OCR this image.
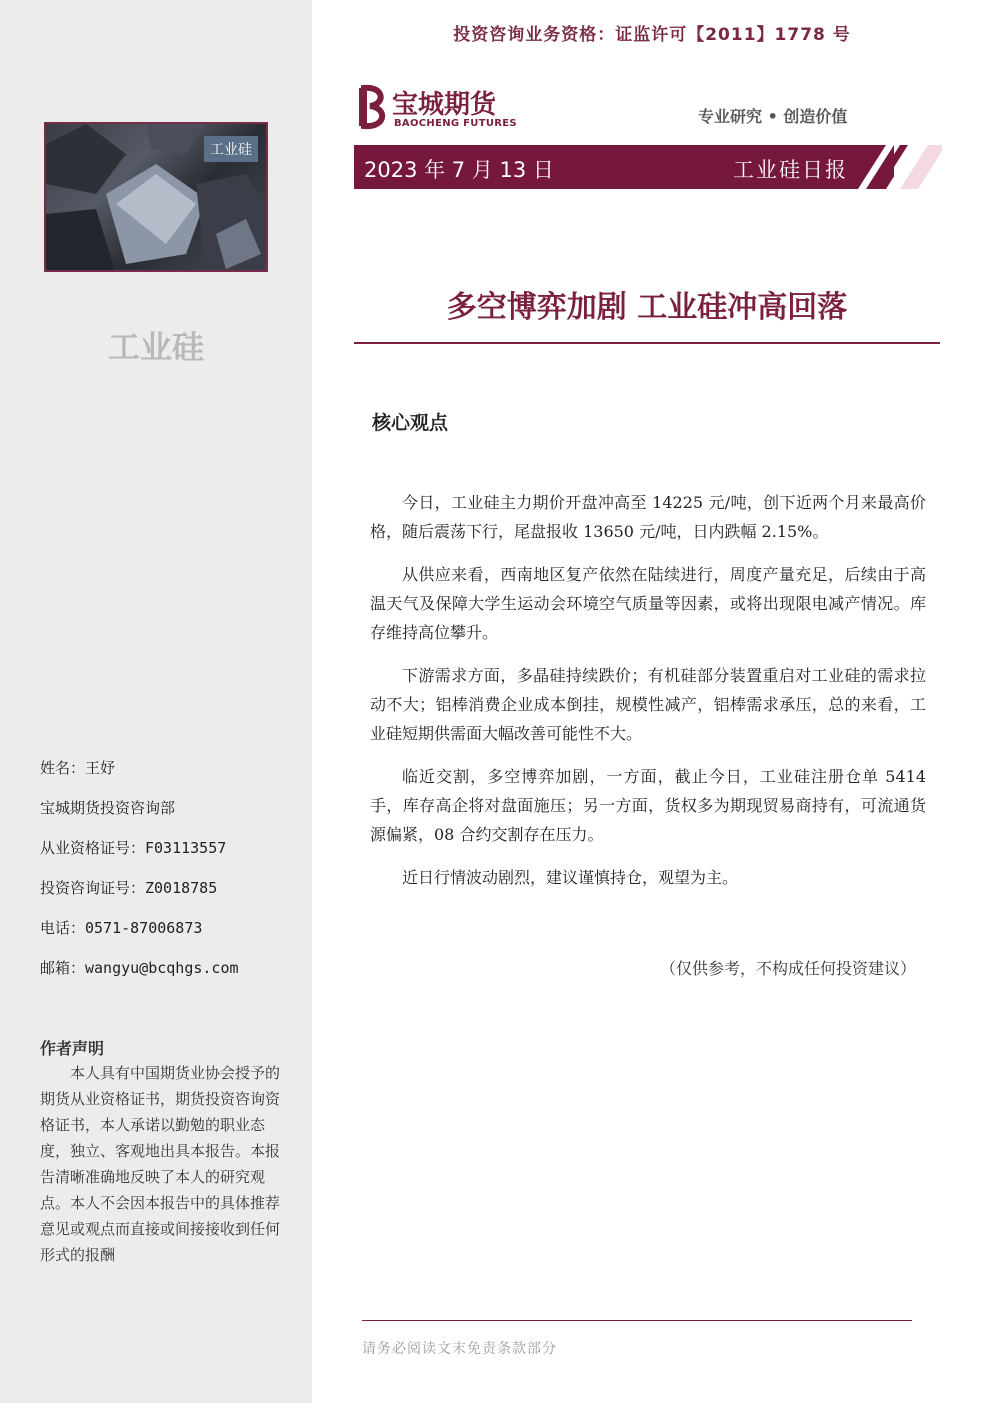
工业硅
工业硅
姓名：王妤
宝城期货投资咨询部
从业资格证号：F03113557
投资咨询证号：Z0018785
电话：0571-87006873
邮箱：wangyu@bcqhgs.com
作者声明
本人具有中国期货业协会授予的期货从业资格证书，期货投资咨询资格证书，本人承诺以勤勉的职业态度，独立、客观地出具本报告。本报告清晰准确地反映了本人的研究观点。本人不会因本报告中的具体推荐意见或观点而直接或间接接收到任何形式的报酬
投资咨询业务资格：证监许可【2011】1778 号
宝城期货
BAOCHENG FUTURES	专业研究 • 创造价值
2023 年 7 月 13 日	工业硅日报
多空博弈加剧 工业硅冲高回落
核心观点

今日，工业硅主力期价开盘冲高至 14225 元/吨，创下近两个月来最高价格，随后震荡下行，尾盘报收 13650 元/吨，日内跌幅 2.15%。

从供应来看，西南地区复产依然在陆续进行，周度产量充足，后续由于高温天气及保障大学生运动会环境空气质量等因素，或将出现限电减产情况。库存维持高位攀升。

下游需求方面，多晶硅持续跌价；有机硅部分装置重启对工业硅的需求拉动不大；铝棒消费企业成本倒挂，规模性减产，铝棒需求承压，总的来看，工业硅短期供需面大幅改善可能性不大。

临近交割，多空博弈加剧，一方面，截止今日，工业硅注册仓单 5414 手，库存高企将对盘面施压；另一方面，货权多为期现贸易商持有，可流通货源偏紧，08 合约交割存在压力。

近日行情波动剧烈，建议谨慎持仓，观望为主。

（仅供参考，不构成任何投资建议）
请务必阅读文末免责条款部分
